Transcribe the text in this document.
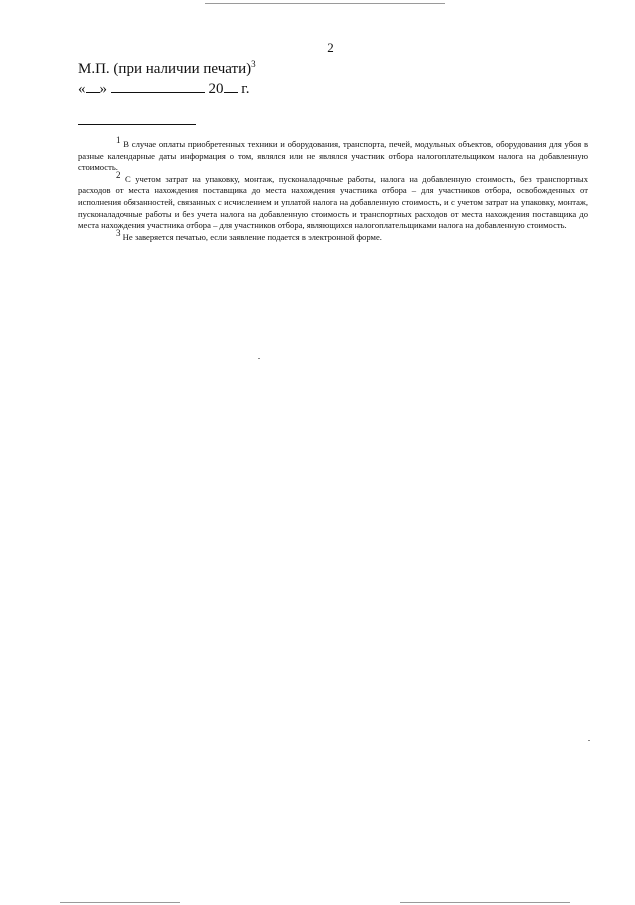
2
М.П. (при наличии печати)$^3$
« »	20 г.

$^1$ В случае оплаты приобретенных техники и оборудования, транспорта, печей, модульных объектов, оборудования для убоя в разные календарные даты информация о том, являлся или не являлся участник отбора налогоплательщиком налога на добавленную стоимость.

$^2$ С учетом затрат на упаковку, монтаж, пусконаладочные работы, налога на добавленную стоимость, без транспортных расходов от места нахождения поставщика до места нахождения участника отбора – для участников отбора, освобожденных от исполнения обязанностей, связанных с исчислением и уплатой налога на добавленную стоимость, и с учетом затрат на упаковку, монтаж, пусконаладочные работы и без учета налога на добавленную стоимость и транспортных расходов от места нахождения поставщика до места нахождения участника отбора – для участников отбора, являющихся налогоплательщиками налога на добавленную стоимость.

$^3$ Не заверяется печатью, если заявление подается в электронной форме.
